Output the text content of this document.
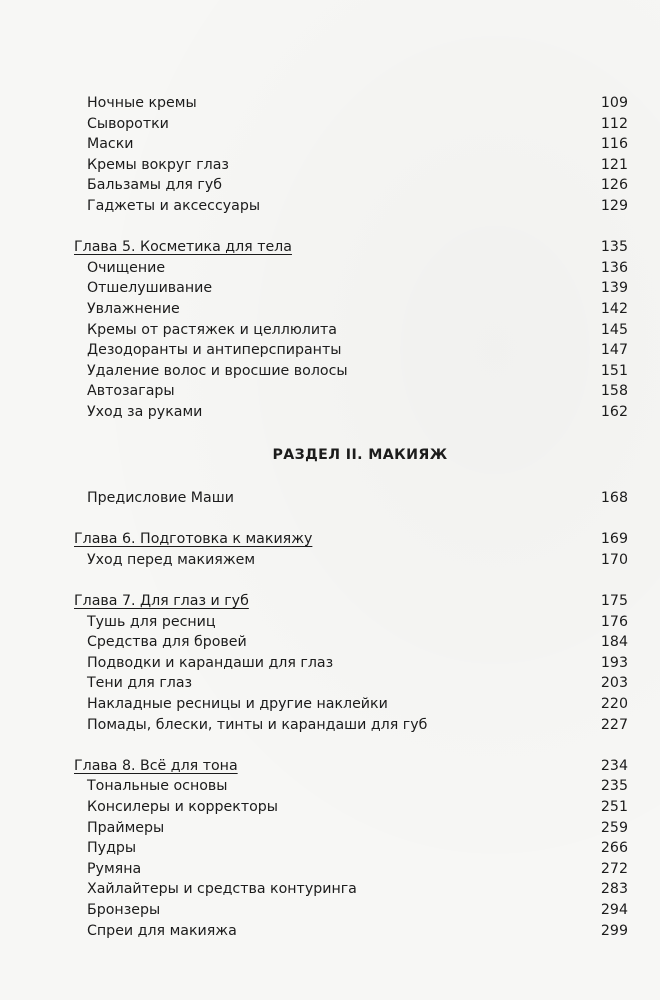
Ночные кремы	109
Сыворотки	112
Маски	116
Кремы вокруг глаз	121
Бальзамы для губ	126
Гаджеты и аксессуары	129
Глава 5. Косметика для тела	135
Очищение	136
Отшелушивание	139
Увлажнение	142
Кремы от растяжек и целлюлита	145
Дезодоранты и антиперспиранты	147
Удаление волос и вросшие волосы	151
Автозагары	158
Уход за руками	162
РАЗДЕЛ II. МАКИЯЖ
Предисловие Маши	168
Глава 6. Подготовка к макияжу	169
Уход перед макияжем	170
Глава 7. Для глаз и губ	175
Тушь для ресниц	176
Средства для бровей	184
Подводки и карандаши для глаз	193
Тени для глаз	203
Накладные ресницы и другие наклейки	220
Помады, блески, тинты и карандаши для губ	227
Глава 8. Всё для тона	234
Тональные основы	235
Консилеры и корректоры	251
Праймеры	259
Пудры	266
Румяна	272
Хайлайтеры и средства контуринга	283
Бронзеры	294
Спреи для макияжа	299
